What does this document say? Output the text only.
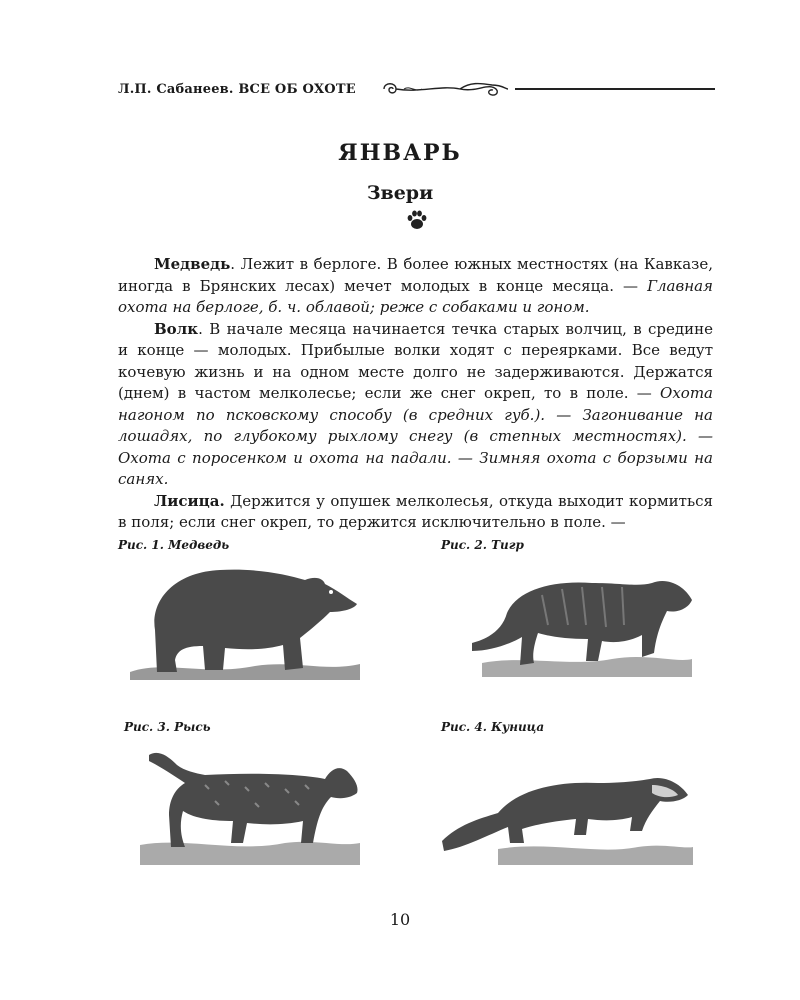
Л.П. Сабанеев. ВСЕ ОБ ОХОТЕ
ЯНВАРЬ
Звери

Медведь. Лежит в берлоге. В более южных местностях (на Кавказе, иногда в Брянских лесах) мечет молодых в конце месяца. — Главная охота на берлоге, б. ч. облавой; реже с собаками и гоном.

Волк. В начале месяца начинается течка старых волчиц, в средине и конце — молодых. Прибылые волки ходят с переярками. Все ведут кочевую жизнь и на одном месте долго не задерживаются. Держатся (днем) в частом мелколесье; если же снег окреп, то в поле. — Охота нагоном по псковскому способу (в средних губ.). — Загонивание на лошадях, по глубокому рыхлому снегу (в степных местностях). — Охота с поросенком и охота на падали. — Зимняя охота с борзыми на санях.

Лисица. Держится у опушек мелколесья, откуда выходит кормиться в поля; если снег окреп, то держится исключительно в поле. —

Рис. 1. Медведь	Рис. 2. Тигр
Рис. 3. Рысь	Рис. 4. Куница
10
